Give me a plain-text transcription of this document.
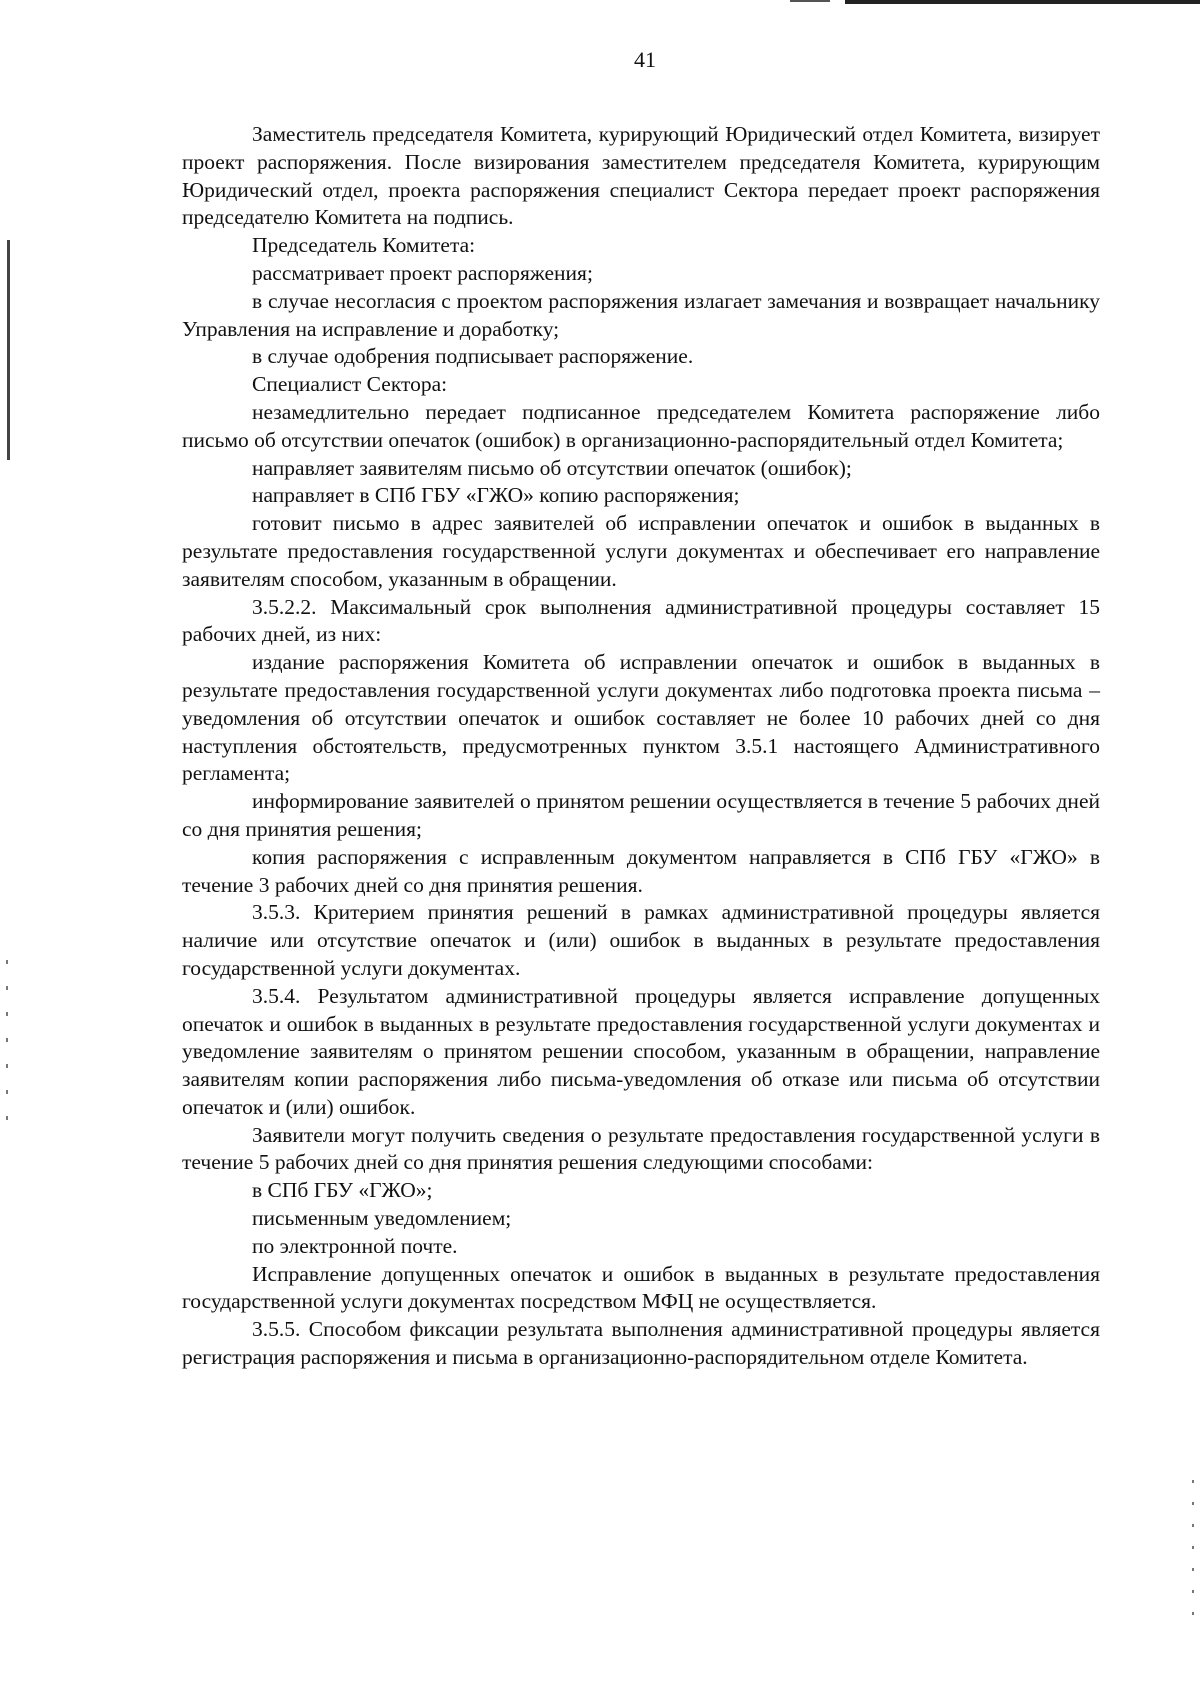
41

Заместитель председателя Комитета, курирующий Юридический отдел Комитета, визирует проект распоряжения. После визирования заместителем председателя Комитета, курирующим Юридический отдел, проекта распоряжения специалист Сектора передает проект распоряжения председателю Комитета на подпись.

Председатель Комитета:

рассматривает проект распоряжения;

в случае несогласия с проектом распоряжения излагает замечания и возвращает начальнику Управления на исправление и доработку;

в случае одобрения подписывает распоряжение.

Специалист Сектора:

незамедлительно передает подписанное председателем Комитета распоряжение либо письмо об отсутствии опечаток (ошибок) в организационно-распорядительный отдел Комитета;

направляет заявителям письмо об отсутствии опечаток (ошибок);

направляет в СПб ГБУ «ГЖО» копию распоряжения;

готовит письмо в адрес заявителей об исправлении опечаток и ошибок в выданных в результате предоставления государственной услуги документах и обеспечивает его направление заявителям способом, указанным в обращении.

3.5.2.2. Максимальный срок выполнения административной процедуры составляет 15 рабочих дней, из них:

издание распоряжения Комитета об исправлении опечаток и ошибок в выданных в результате предоставления государственной услуги документах либо подготовка проекта письма – уведомления об отсутствии опечаток и ошибок составляет не более 10 рабочих дней со дня наступления обстоятельств, предусмотренных пунктом 3.5.1 настоящего Административного регламента;

информирование заявителей о принятом решении осуществляется в течение 5 рабочих дней со дня принятия решения;

копия распоряжения с исправленным документом направляется в СПб ГБУ «ГЖО» в течение 3 рабочих дней со дня принятия решения.

3.5.3. Критерием принятия решений в рамках административной процедуры является наличие или отсутствие опечаток и (или) ошибок в выданных в результате предоставления государственной услуги документах.

3.5.4. Результатом административной процедуры является исправление допущенных опечаток и ошибок в выданных в результате предоставления государственной услуги документах и уведомление заявителям о принятом решении способом, указанным в обращении, направление заявителям копии распоряжения либо письма-уведомления об отказе или письма об отсутствии опечаток и (или) ошибок.

Заявители могут получить сведения о результате предоставления государственной услуги в течение 5 рабочих дней со дня принятия решения следующими способами:

в СПб ГБУ «ГЖО»;

письменным уведомлением;

по электронной почте.

Исправление допущенных опечаток и ошибок в выданных в результате предоставления государственной услуги документах посредством МФЦ не осуществляется.

3.5.5. Способом фиксации результата выполнения административной процедуры является регистрация распоряжения и письма в организационно-распорядительном отделе Комитета.
